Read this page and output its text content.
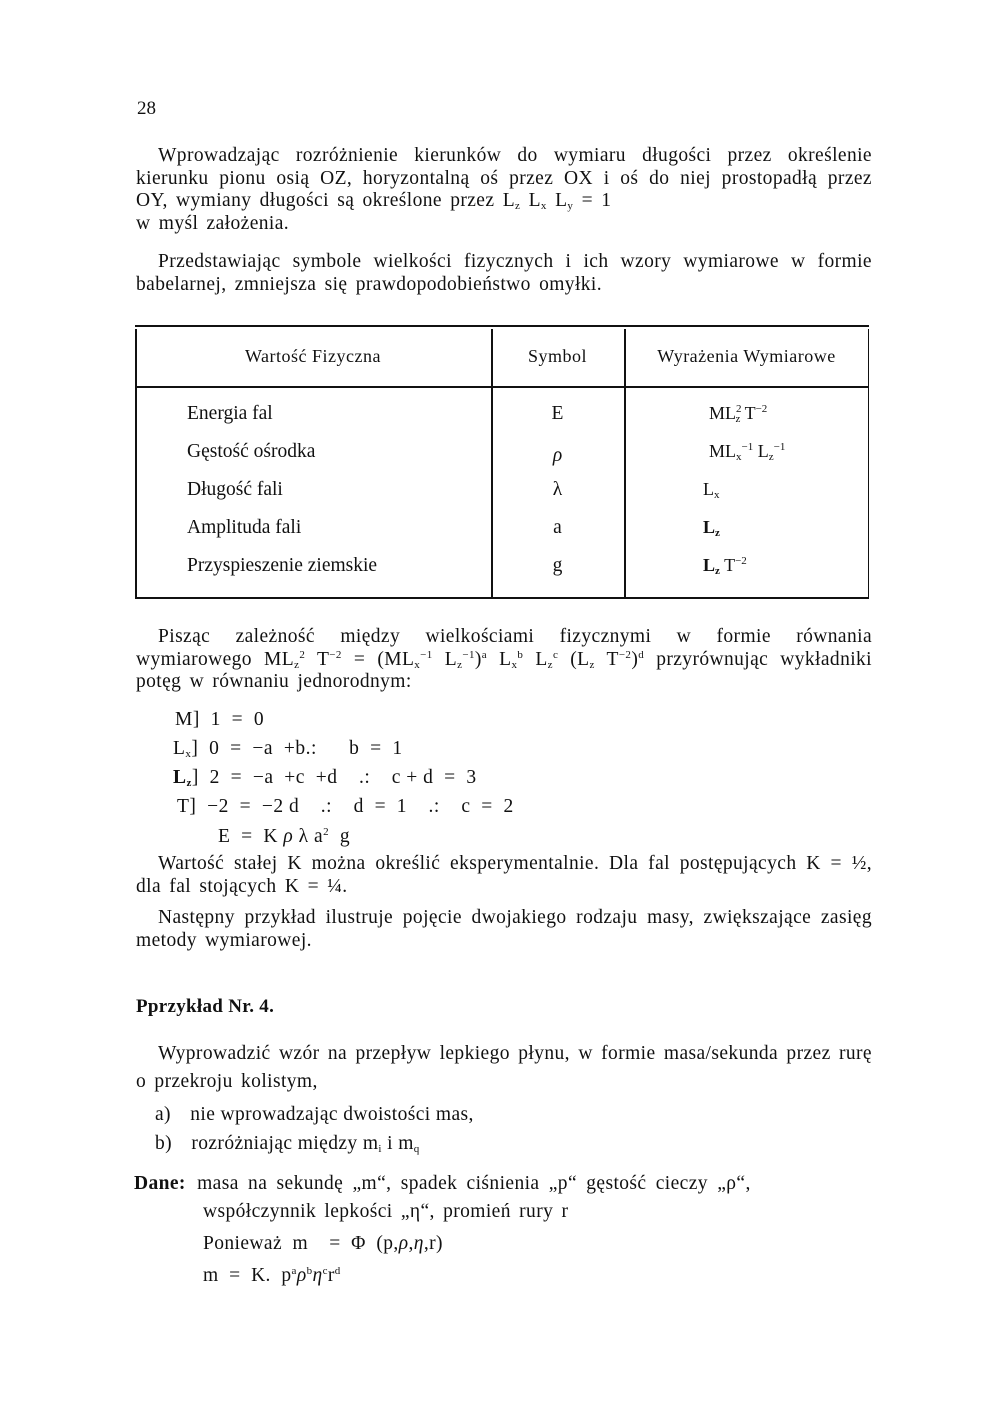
28
Wprowadzając rozróżnienie kierunków do wymiaru długości przez określenie kierunku pionu osią OZ, horyzontalną oś przez OX i oś do niej prostopadłą przez OY, wymiany długości są określone przez $L_z$ $L_x$ $L_y = 1$
w myśl założenia.
Przedstawiając symbole wielkości fizycznych i ich wzory wymiarowe w formie babelarnej, zmniejsza się prawdopodobieństwo omyłki.
Wartość Fizyczna	Symbol	Wyrażenia Wymiarowe
Energia fal	E	$ML^2_z$ $T^{-2}$
Gęstość ośrodka	ρ	$ML_x^{-1}$ $L_z^{-1}$
Długość fali	λ	$L_x$
Amplituda fali	a	$L_z$
Przyspieszenie ziemskie	g	$L_z$ $T^{-2}$
Pisząc zależność między wielkościami fizycznymi w formie równania wymiarowego $ML_z^2$ $T^{-2} = (ML_x^{-1}$ $L_z^{-1})^a$ $L_x^b$ $L_z^c$ ($L_z$ $T^{-2})^d$ przyrównując wykładniki potęg w równaniu jednorodnym:
M]  1  =  0
$L_x$]  0  =  −a  +b.:      b  =  1
$L_z$]  2  =  −a  +c  +d    .:    c + d  =  3
T]  −2  =  −2 d    .:    d  =  1    .:    c  =  2
E  =  K ρ λ $a^2$  g
Wartość stałej K można określić eksperymentalnie. Dla fal postępujących K = ½, dla fal stojących K = ¼.
Następny przykład ilustruje pojęcie dwojakiego rodzaju masy, zwiększające zasięg metody wymiarowej.
Pprzykład Nr. 4.
Wyprowadzić wzór na przepływ lepkiego płynu, w formie masa/sekunda przez rurę o przekroju kolistym,
a) nie wprowadzając dwoistości mas,
b) rozróżniając między $m_i$ i $m_q$
Dane: masa na sekundę „m“, spadek ciśnienia „p“ gęstość cieczy „ρ“,
współczynnik lepkości „η“, promień rury r
Ponieważ  m    =  Φ  (p,ρ,η,r)
m  =  K.  $p^a\rho^b\eta^cr^d$
